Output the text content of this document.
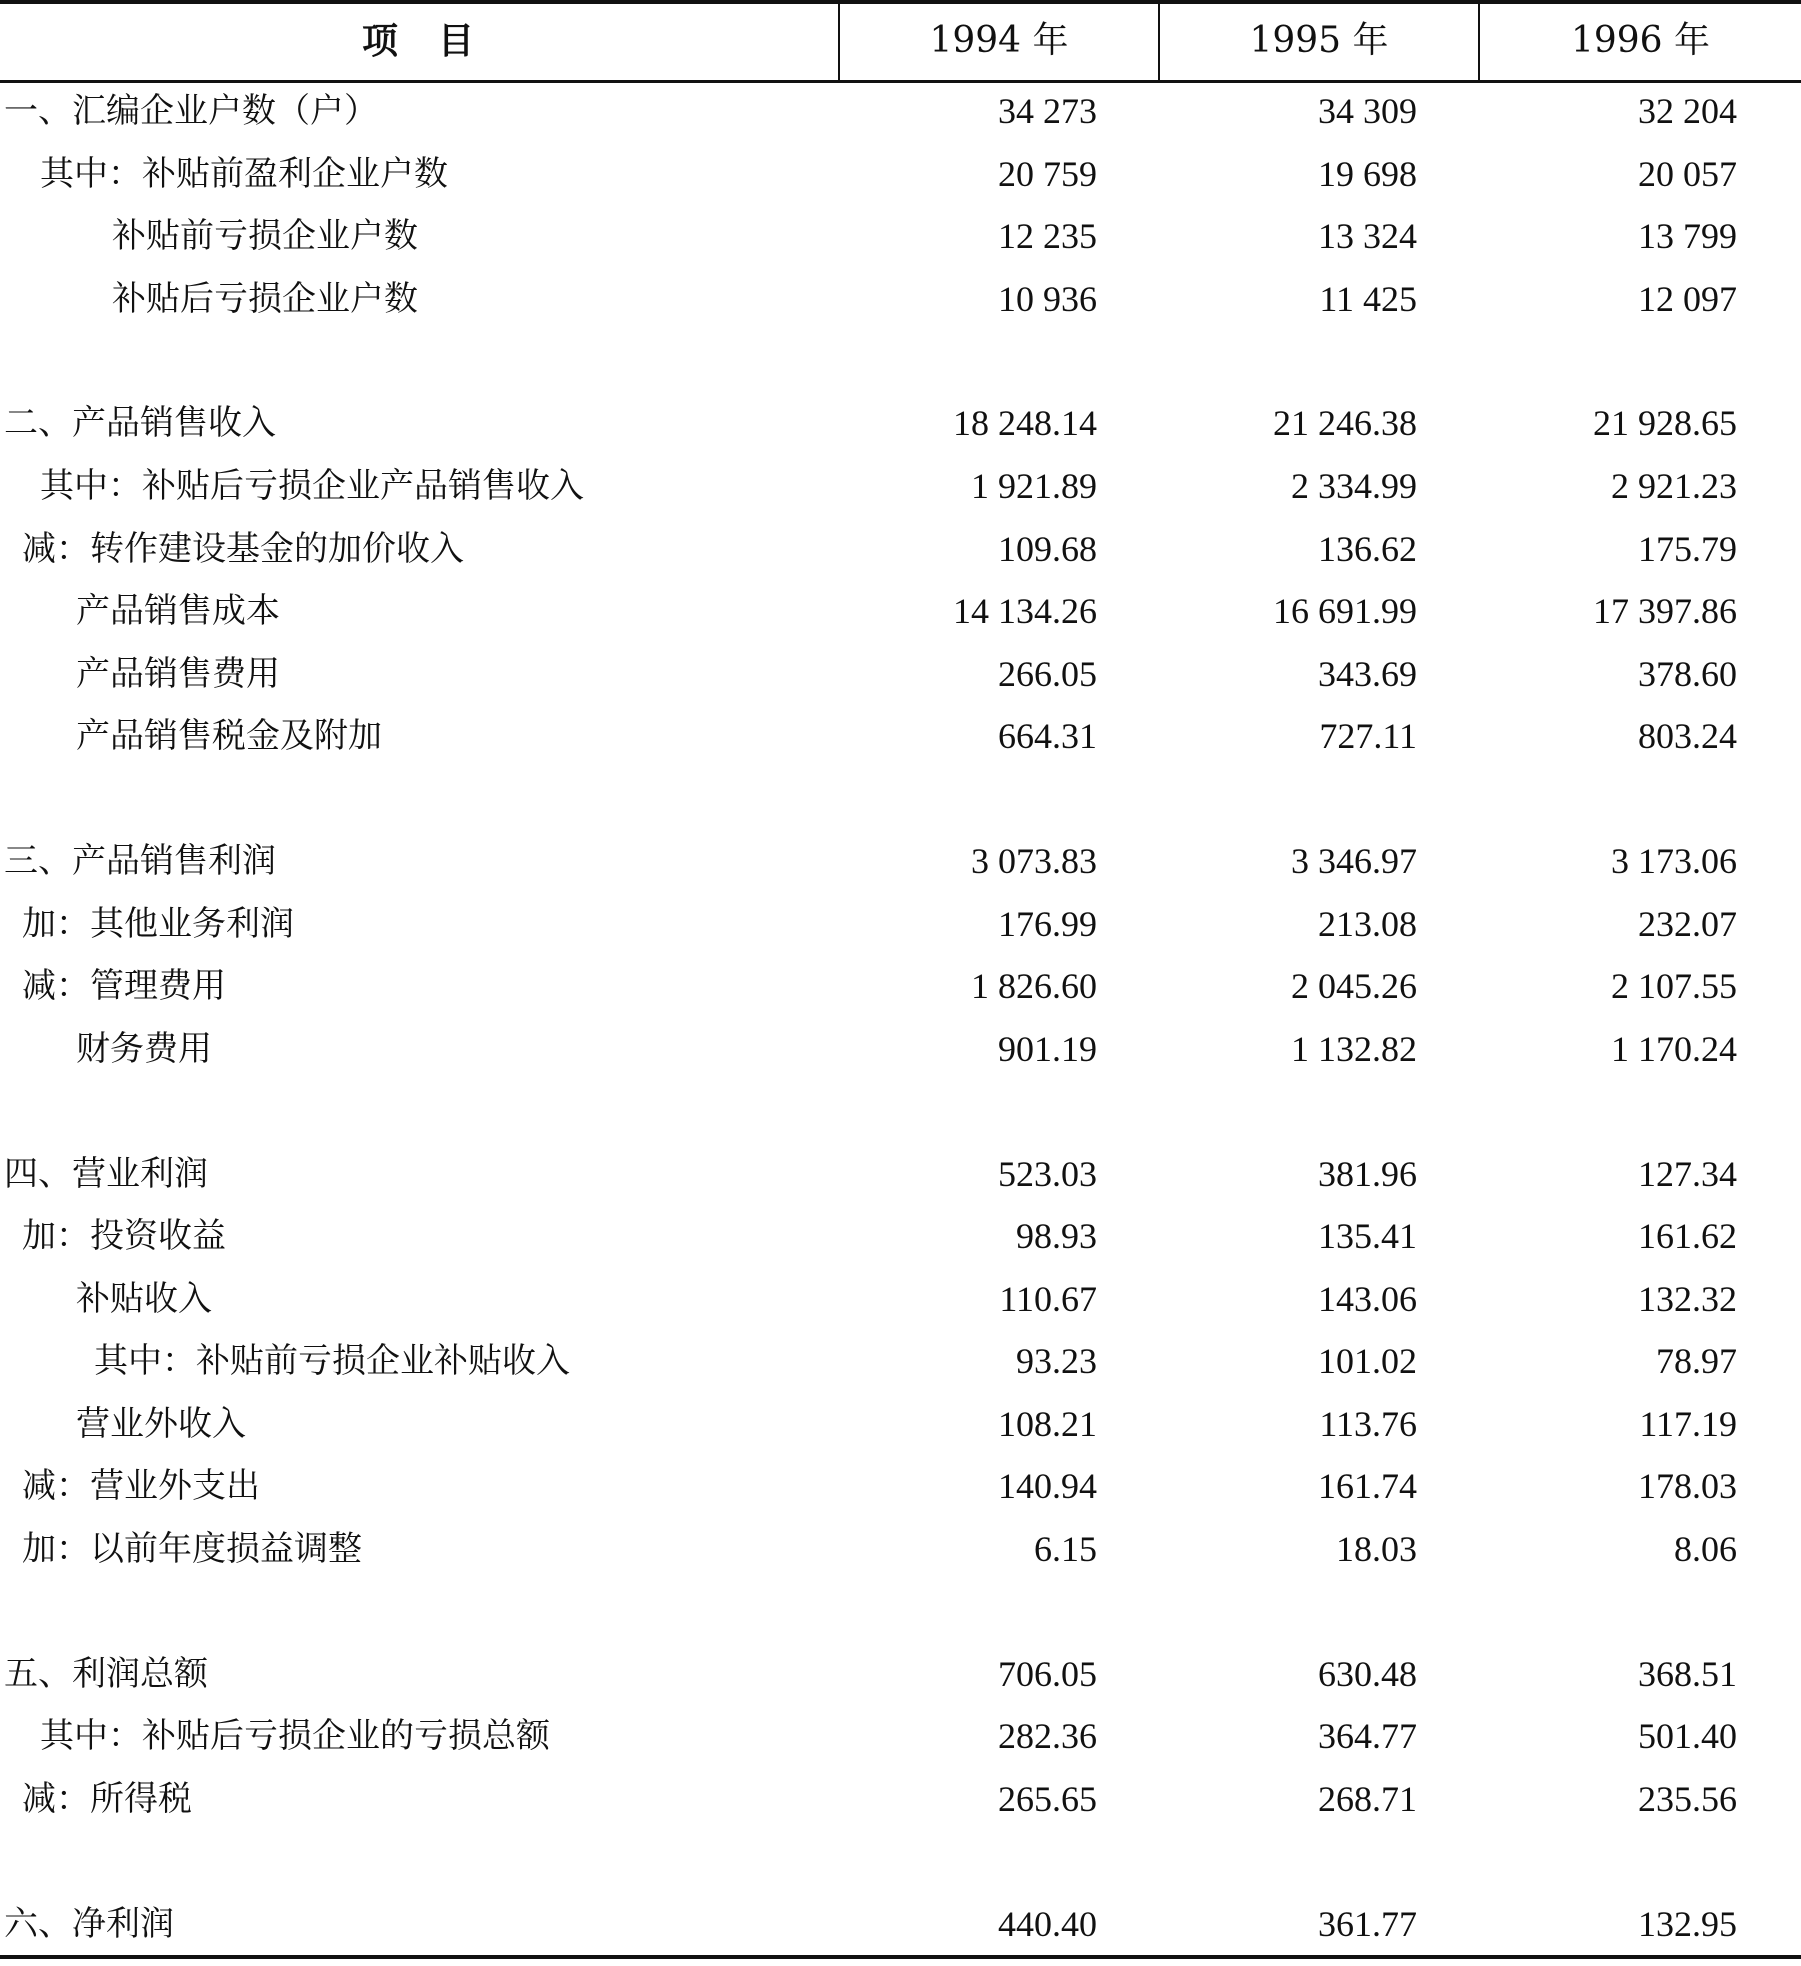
项　目	1994 年	1995 年	1996 年
一、汇编企业户数（户）	34 273	34 309	32 204
其中：补贴前盈利企业户数	20 759	19 698	20 057
补贴前亏损企业户数	12 235	13 324	13 799
补贴后亏损企业户数	10 936	11 425	12 097
二、产品销售收入	18 248.14	21 246.38	21 928.65
其中：补贴后亏损企业产品销售收入	1 921.89	2 334.99	2 921.23
减：转作建设基金的加价收入	109.68	136.62	175.79
产品销售成本	14 134.26	16 691.99	17 397.86
产品销售费用	266.05	343.69	378.60
产品销售税金及附加	664.31	727.11	803.24
三、产品销售利润	3 073.83	3 346.97	3 173.06
加：其他业务利润	176.99	213.08	232.07
减：管理费用	1 826.60	2 045.26	2 107.55
财务费用	901.19	1 132.82	1 170.24
四、营业利润	523.03	381.96	127.34
加：投资收益	98.93	135.41	161.62
补贴收入	110.67	143.06	132.32
其中：补贴前亏损企业补贴收入	93.23	101.02	78.97
营业外收入	108.21	113.76	117.19
减：营业外支出	140.94	161.74	178.03
加：以前年度损益调整	6.15	18.03	8.06
五、利润总额	706.05	630.48	368.51
其中：补贴后亏损企业的亏损总额	282.36	364.77	501.40
减：所得税	265.65	268.71	235.56
六、净利润	440.40	361.77	132.95
